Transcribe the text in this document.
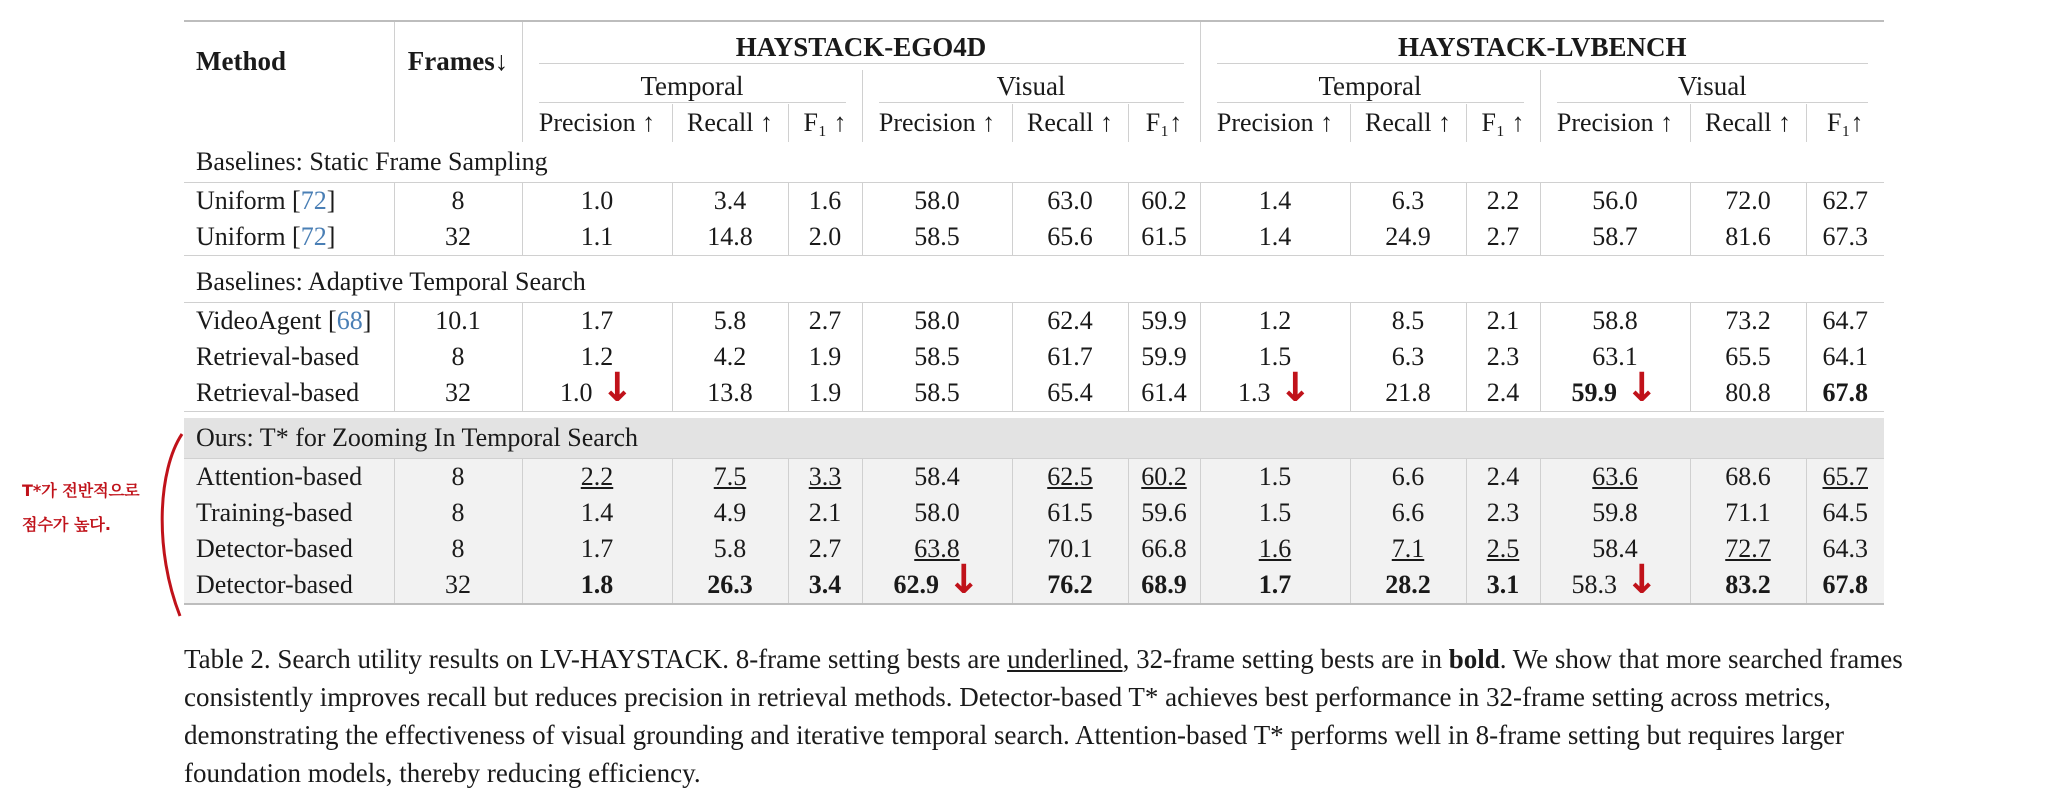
Method	Frames↓	HAYSTACK-EGO4D						HAYSTACK-LVBENCH					

		Temporal			Visual			Temporal			Visual		

		Precision ↑	Recall ↑	F₁ ↑	Precision ↑	Recall ↑	F₁↑	Precision ↑	Recall ↑	F₁ ↑	Precision ↑	Recall ↑	F₁↑
Baselines: Static Frame Sampling													
Uniform [72]	8	1.0	3.4	1.6	58.0	63.0	60.2	1.4	6.3	2.2	56.0	72.0	62.7
Uniform [72]	32	1.1	14.8	2.0	58.5	65.6	61.5	1.4	24.9	2.7	58.7	81.6	67.3

Baselines: Adaptive Temporal Search													
VideoAgent [68]	10.1	1.7	5.8	2.7	58.0	62.4	59.9	1.2	8.5	2.1	58.8	73.2	64.7
Retrieval-based	8	1.2	4.2	1.9	58.5	61.7	59.9	1.5	6.3	2.3	63.1	65.5	64.1
Retrieval-based	32	1.0 ↓	13.8	1.9	58.5	65.4	61.4	1.3 ↓	21.8	2.4	59.9 ↓	80.8	67.8

Ours: T* for Zooming In Temporal Search													
Attention-based	8	2.2	7.5	3.3	58.4	62.5	60.2	1.5	6.6	2.4	63.6	68.6	65.7
Training-based	8	1.4	4.9	2.1	58.0	61.5	59.6	1.5	6.6	2.3	59.8	71.1	64.5
Detector-based	8	1.7	5.8	2.7	63.8	70.1	66.8	1.6	7.1	2.5	58.4	72.7	64.3
Detector-based	32	1.8	26.3	3.4	62.9 ↓	76.2	68.9	1.7	28.2	3.1	58.3 ↓	83.2	67.8
T*가 전반적으로
점수가 높다.
Table 2. Search utility results on LV-HAYSTACK. 8-frame setting bests are underlined, 32-frame setting bests are in bold. We show that more searched frames consistently improves recall but reduces precision in retrieval methods. Detector-based T* achieves best performance in 32-frame setting across metrics, demonstrating the effectiveness of visual grounding and iterative temporal search. Attention-based T* performs well in 8-frame setting but requires larger foundation models, thereby reducing efficiency.
